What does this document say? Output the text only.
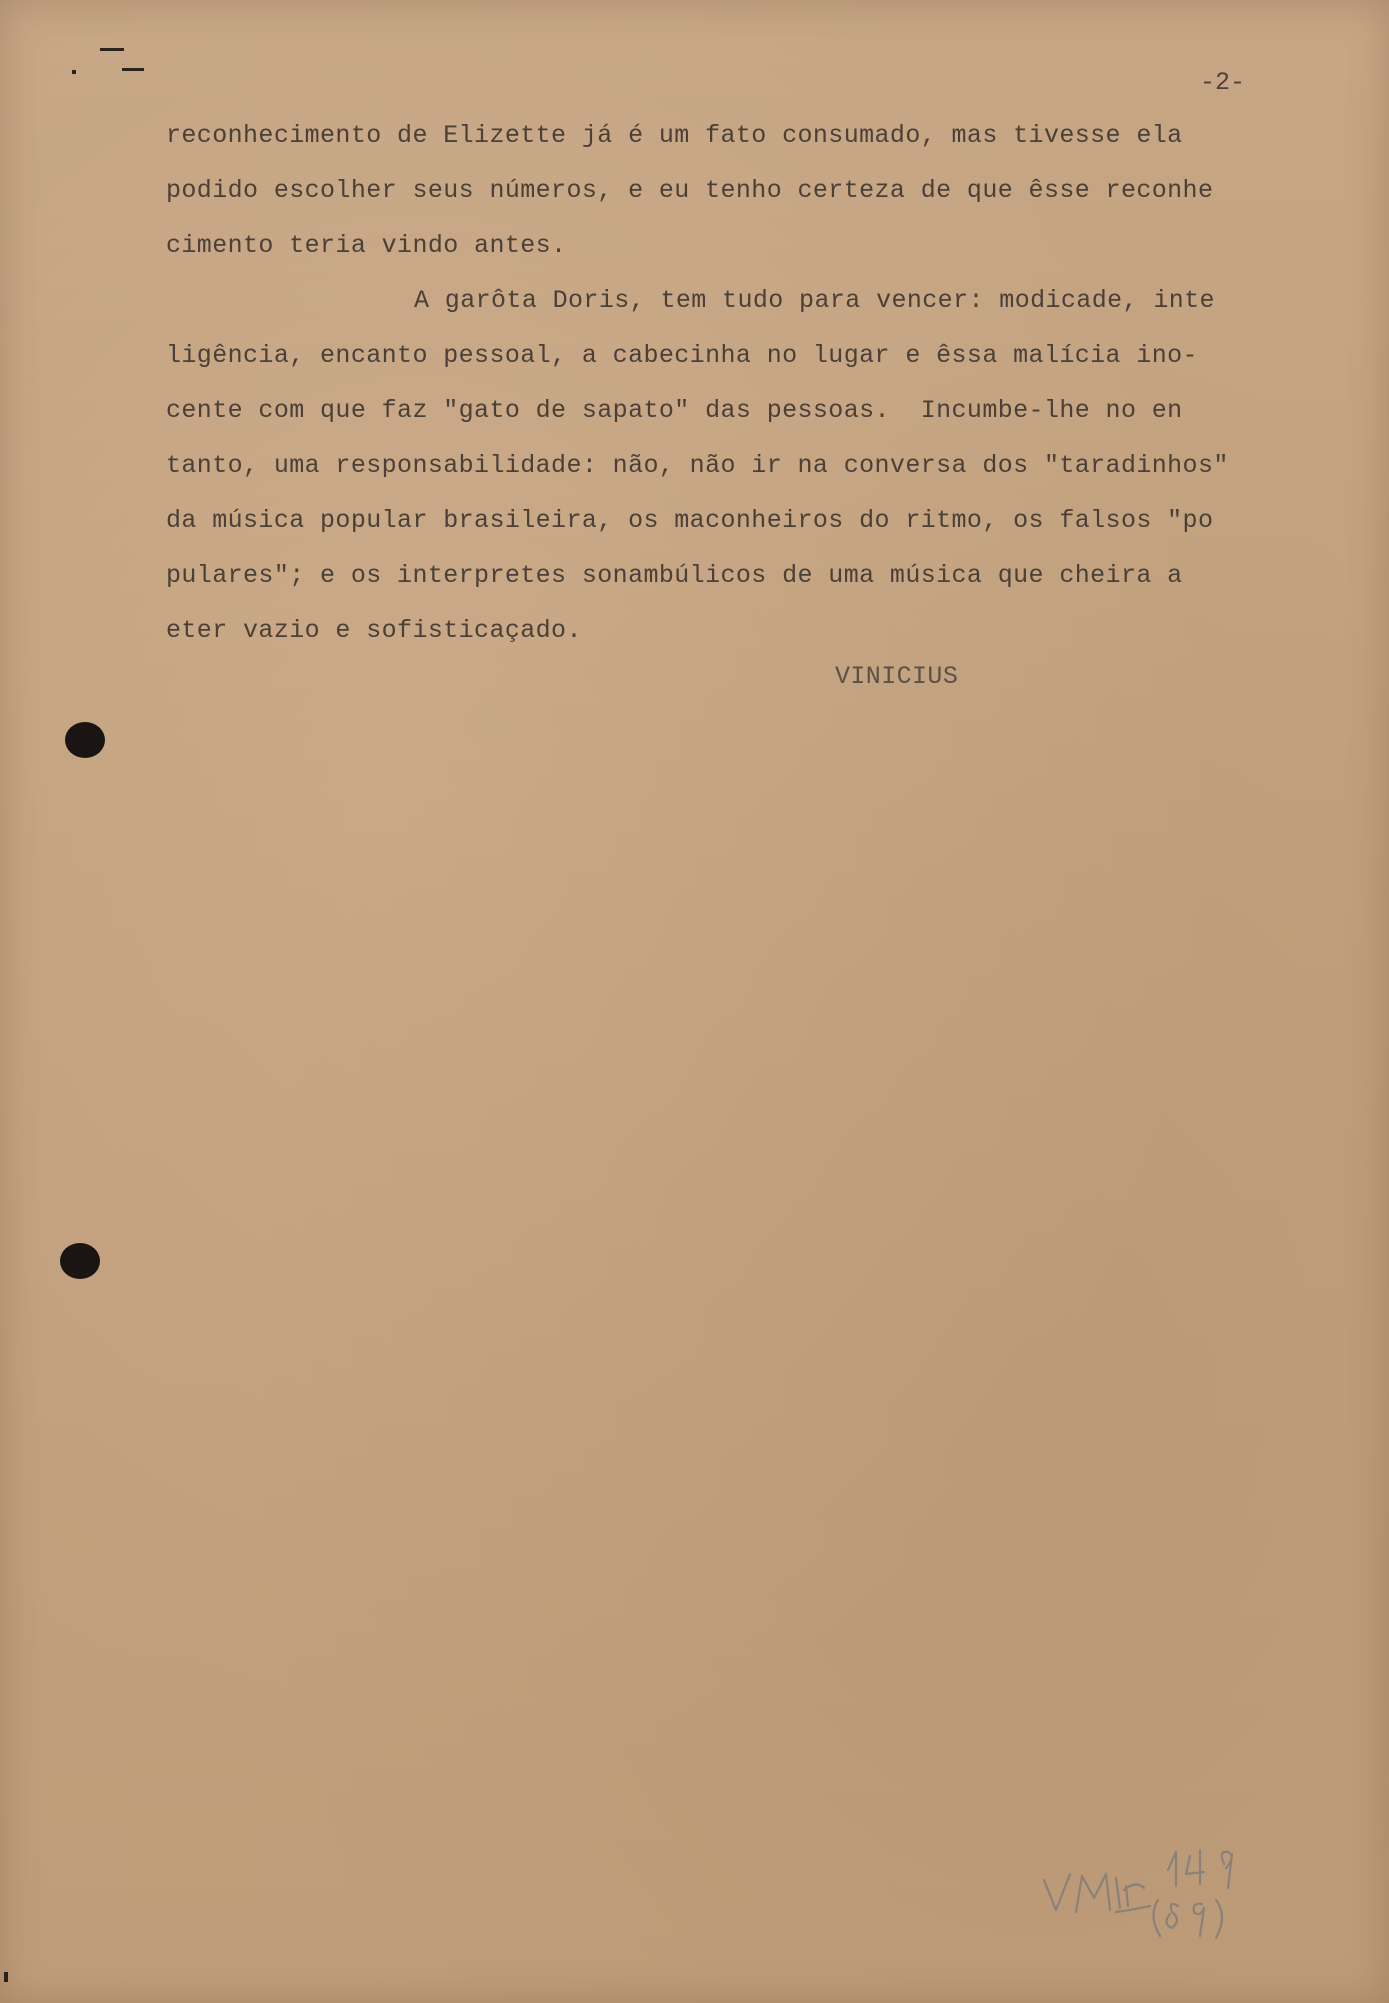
-2-
reconhecimento de Elizette já é um fato consumado, mas tivesse ela
podido escolher seus números, e eu tenho certeza de que êsse reconhe
cimento teria vindo antes.
A garôta Doris, tem tudo para vencer: modicade, inte
ligência, encanto pessoal, a cabecinha no lugar e êssa malícia ino-
cente com que faz "gato de sapato" das pessoas.  Incumbe-lhe no en
tanto, uma responsabilidade: não, não ir na conversa dos "taradinhos"
da música popular brasileira, os maconheiros do ritmo, os falsos "po
pulares"; e os interpretes sonambúlicos de uma música que cheira a
eter vazio e sofisticaçado.
VINICIUS
